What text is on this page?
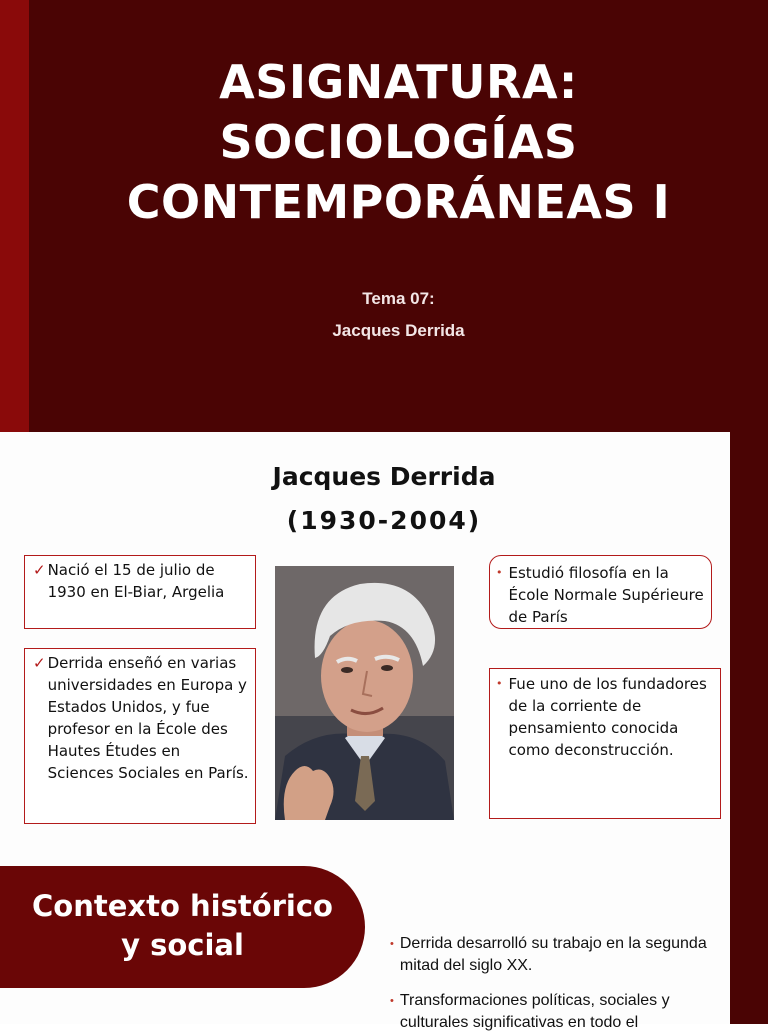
ASIGNATURA:
SOCIOLOGÍAS
CONTEMPORÁNEAS I
Tema 07:
Jacques Derrida
Jacques Derrida
(1930-2004)
✓ Nació el 15 de julio de 1930 en El-Biar, Argelia
✓ Derrida enseñó en varias universidades en Europa y Estados Unidos, y fue profesor en la École des Hautes Études en Sciences Sociales en París.
• Estudió filosofía en la École Normale Supérieure de París
• Fue uno de los fundadores de la corriente de pensamiento conocida como deconstrucción.
Contexto histórico
y social	• Derrida desarrolló su trabajo en la segunda mitad del siglo XX.
• Transformaciones políticas, sociales y culturales significativas en todo el
